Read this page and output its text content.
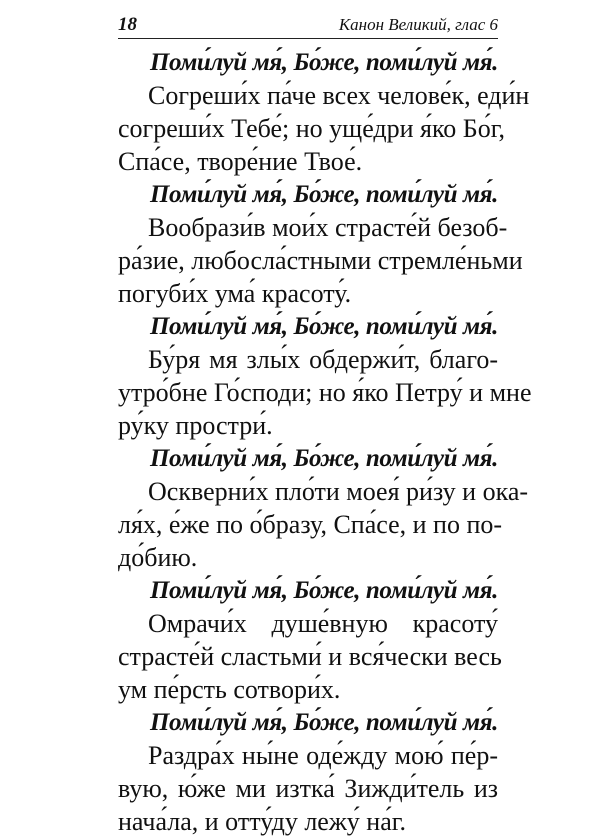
18	Канон Великий, глас 6
Поми́луй мя́, Бо́же, поми́луй мя́.
Согреши́х па́че всех челове́к, еди́н
согреши́х Тебе́; но уще́дри я́ко Бо́г,
Спа́се, творе́ние Твое́.
Поми́луй мя́, Бо́же, поми́луй мя́.
Вообрази́в мои́х страсте́й безоб-
ра́зие, любосла́стными стремле́ньми
погуби́х ума́ красоту́.
Поми́луй мя́, Бо́же, поми́луй мя́.
Бу́ря мя злы́х обдержи́т, благо-
утро́бне Го́споди; но я́ко Петру́ и мне
ру́ку простри́.
Поми́луй мя́, Бо́же, поми́луй мя́.
Оскверни́х пло́ти моея́ ри́зу и ока-
ля́х, е́же по о́бразу, Спа́се, и по по-
до́бию.
Поми́луй мя́, Бо́же, поми́луй мя́.
Омрачи́х душе́вную красоту́
страсте́й сластьми́ и вся́чески весь
ум пе́рсть сотвори́х.
Поми́луй мя́, Бо́же, поми́луй мя́.
Раздра́х ны́не оде́жду мою́ пе́р-
вую, ю́же ми изтка́ Зижди́тель из
нача́ла, и отту́ду лежу́ на́г.
